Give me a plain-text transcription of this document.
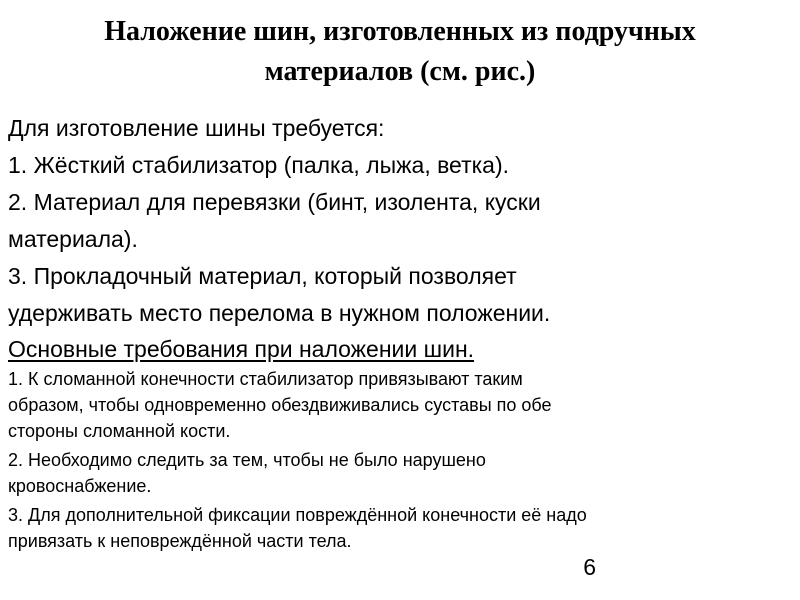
Наложение шин, изготовленных из подручных
материалов (см. рис.)

Для изготовление шины требуется:

1. Жёсткий стабилизатор (палка, лыжа, ветка).

2. Материал для перевязки (бинт, изолента, куски

материала).

3. Прокладочный материал, который позволяет

удерживать место перелома в нужном положении.

Основные требования при наложении шин.

1. К сломанной конечности стабилизатор привязывают таким

образом, чтобы одновременно обездвиживались суставы по обе

стороны сломанной кости.

2. Необходимо следить за тем, чтобы не было нарушено

кровоснабжение.

3. Для дополнительной фиксации повреждённой конечности её надо

привязать к неповреждённой части тела.

6
